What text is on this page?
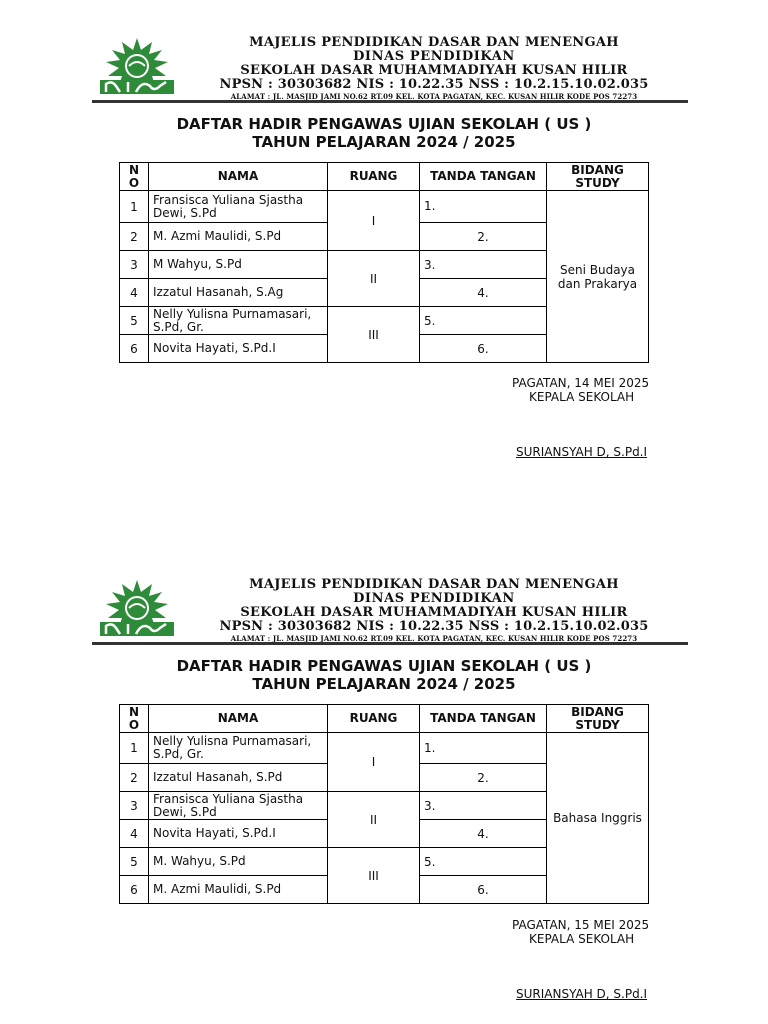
MAJELIS PENDIDIKAN DASAR DAN MENENGAH
DINAS PENDIDIKAN
SEKOLAH DASAR MUHAMMADIYAH KUSAN HILIR
NPSN : 30303682 NIS : 10.22.35 NSS : 10.2.15.10.02.035
ALAMAT : JL. MASJID JAMI NO.62 RT.09 KEL. KOTA PAGATAN, KEC. KUSAN HILIR KODE POS 72273
DAFTAR HADIR PENGAWAS UJIAN SEKOLAH ( US )
TAHUN PELAJARAN 2024 / 2025
N
O	NAMA	RUANG	TANDA TANGAN	BIDANG
STUDY
1	Fransisca Yuliana Sjastha Dewi, S.Pd	I	1.	Seni Budaya dan Prakarya
2	M. Azmi Maulidi, S.Pd		2.	
3	M Wahyu, S.Pd	II	3.	
4	Izzatul Hasanah, S.Ag		4.	
5	Nelly Yulisna Purnamasari, S.Pd, Gr.	III	5.	
6	Novita Hayati, S.Pd.I		6.	
PAGATAN, 14 MEI 2025
KEPALA SEKOLAH
SURIANSYAH D, S.Pd.I
MAJELIS PENDIDIKAN DASAR DAN MENENGAH
DINAS PENDIDIKAN
SEKOLAH DASAR MUHAMMADIYAH KUSAN HILIR
NPSN : 30303682 NIS : 10.22.35 NSS : 10.2.15.10.02.035
ALAMAT : JL. MASJID JAMI NO.62 RT.09 KEL. KOTA PAGATAN, KEC. KUSAN HILIR KODE POS 72273
DAFTAR HADIR PENGAWAS UJIAN SEKOLAH ( US )
TAHUN PELAJARAN 2024 / 2025
N
O	NAMA	RUANG	TANDA TANGAN	BIDANG
STUDY
1	Nelly Yulisna Purnamasari, S.Pd, Gr.	I	1.	Bahasa Inggris
2	Izzatul Hasanah, S.Pd		2.	
3	Fransisca Yuliana Sjastha Dewi, S.Pd	II	3.	
4	Novita Hayati, S.Pd.I		4.	
5	M. Wahyu, S.Pd	III	5.	
6	M. Azmi Maulidi, S.Pd		6.	
PAGATAN, 15 MEI 2025
KEPALA SEKOLAH
SURIANSYAH D, S.Pd.I
